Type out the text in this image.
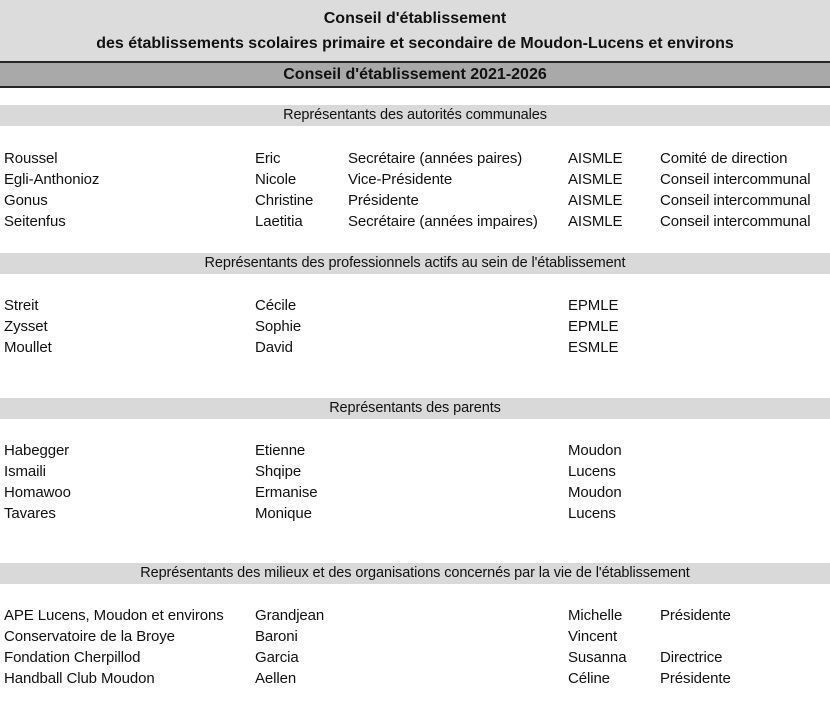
Conseil d'établissement
des établissements scolaires primaire et secondaire de Moudon-Lucens et environs
Conseil d'établissement 2021-2026
Représentants des autorités communales
Roussel	Eric	Secrétaire (années paires)	AISMLE	Comité de direction
Egli-Anthonioz	Nicole	Vice-Présidente	AISMLE	Conseil intercommunal
Gonus	Christine	Présidente	AISMLE	Conseil intercommunal
Seitenfus	Laetitia	Secrétaire (années impaires)	AISMLE	Conseil intercommunal
Représentants des professionnels actifs au sein de l'établissement
Streit	Cécile	EPMLE
Zysset	Sophie	EPMLE
Moullet	David	ESMLE
Représentants des parents
Habegger	Etienne	Moudon
Ismaili	Shqipe	Lucens
Homawoo	Ermanise	Moudon
Tavares	Monique	Lucens
Représentants des milieux et des organisations concernés par la vie de l'établissement
APE Lucens, Moudon et environs	Grandjean	Michelle	Présidente
Conservatoire de la Broye	Baroni	Vincent
Fondation Cherpillod	Garcia	Susanna	Directrice
Handball Club Moudon	Aellen	Céline	Présidente
